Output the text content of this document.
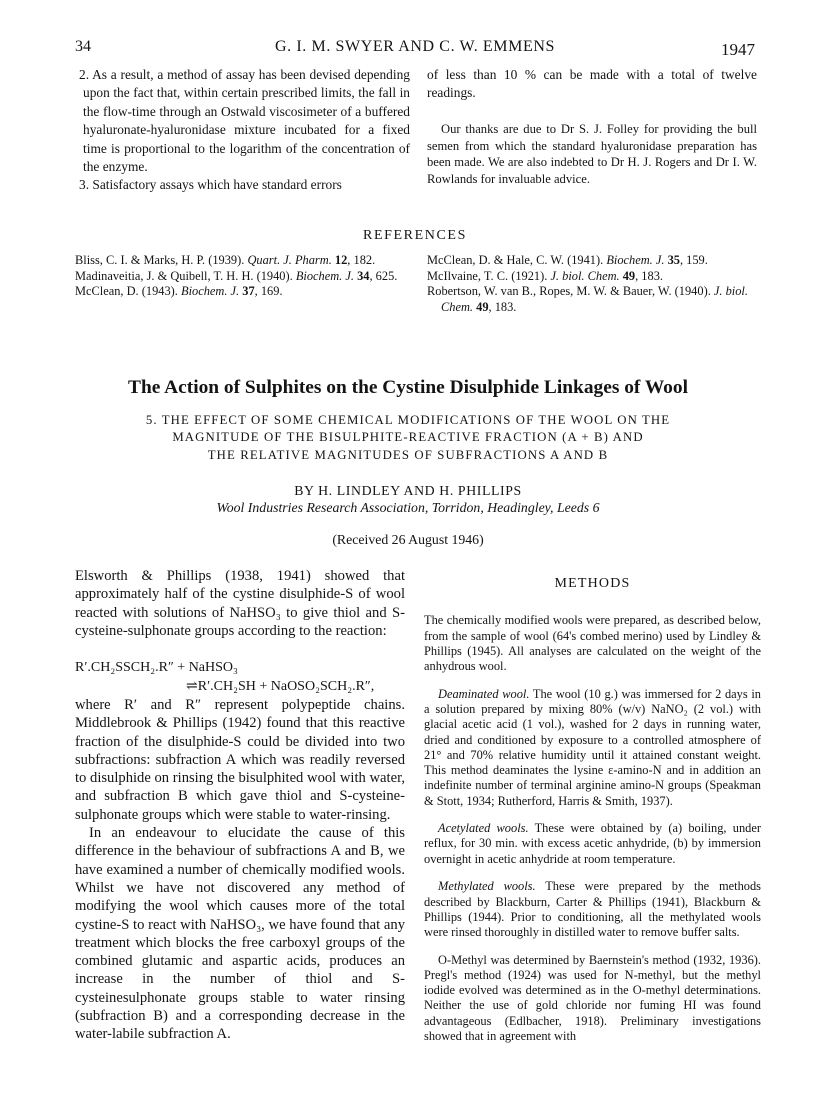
34	G. I. M. SWYER AND C. W. EMMENS	1947

2. As a result, a method of assay has been devised depending upon the fact that, within certain prescribed limits, the fall in the flow-time through an Ostwald viscosimeter of a buffered hyaluronate-hyaluronidase mixture incubated for a fixed time is proportional to the logarithm of the concentration of the enzyme.

3. Satisfactory assays which have standard errors

of less than 10 % can be made with a total of twelve readings.

Our thanks are due to Dr S. J. Folley for providing the bull semen from which the standard hyaluronidase preparation has been made. We are also indebted to Dr H. J. Rogers and Dr I. W. Rowlands for invaluable advice.

REFERENCES

Bliss, C. I. & Marks, H. P. (1939). Quart. J. Pharm. 12, 182.

Madinaveitia, J. & Quibell, T. H. H. (1940). Biochem. J. 34, 625.

McClean, D. (1943). Biochem. J. 37, 169.

McClean, D. & Hale, C. W. (1941). Biochem. J. 35, 159.

McIlvaine, T. C. (1921). J. biol. Chem. 49, 183.

Robertson, W. van B., Ropes, M. W. & Bauer, W. (1940). J. biol. Chem. 49, 183.

The Action of Sulphites on the Cystine Disulphide Linkages of Wool
5. THE EFFECT OF SOME CHEMICAL MODIFICATIONS OF THE WOOL ON THE
MAGNITUDE OF THE BISULPHITE-REACTIVE FRACTION (A + B) AND
THE RELATIVE MAGNITUDES OF SUBFRACTIONS A AND B
BY H. LINDLEY AND H. PHILLIPS
Wool Industries Research Association, Torridon, Headingley, Leeds 6
(Received 26 August 1946)

Elsworth & Phillips (1938, 1941) showed that approximately half of the cystine disulphide-S of wool reacted with solutions of NaHSO₃ to give thiol and S-cysteine-sulphonate groups according to the reaction:

R′.CH₂SSCH₂.R″ + NaHSO₃
⇌R′.CH₂SH + NaOSO₂SCH₂.R″,

where R′ and R″ represent polypeptide chains. Middlebrook & Phillips (1942) found that this reactive fraction of the disulphide-S could be divided into two subfractions: subfraction A which was readily reversed to disulphide on rinsing the bisulphited wool with water, and subfraction B which gave thiol and S-cysteine-sulphonate groups which were stable to water-rinsing.

In an endeavour to elucidate the cause of this difference in the behaviour of subfractions A and B, we have examined a number of chemically modified wools. Whilst we have not discovered any method of modifying the wool which causes more of the total cystine-S to react with NaHSO₃, we have found that any treatment which blocks the free carboxyl groups of the combined glutamic and aspartic acids, produces an increase in the number of thiol and S-cysteinesulphonate groups stable to water rinsing (subfraction B) and a corresponding decrease in the water-labile subfraction A.

METHODS

The chemically modified wools were prepared, as described below, from the sample of wool (64's combed merino) used by Lindley & Phillips (1945). All analyses are calculated on the weight of the anhydrous wool.

Deaminated wool. The wool (10 g.) was immersed for 2 days in a solution prepared by mixing 80% (w/v) NaNO₂ (2 vol.) with glacial acetic acid (1 vol.), washed for 2 days in running water, dried and conditioned by exposure to a controlled atmosphere of 21° and 70% relative humidity until it attained constant weight. This method deaminates the lysine ε-amino-N and in addition an indefinite number of terminal arginine amino-N groups (Speakman & Stott, 1934; Rutherford, Harris & Smith, 1937).

Acetylated wools. These were obtained by (a) boiling, under reflux, for 30 min. with excess acetic anhydride, (b) by immersion overnight in acetic anhydride at room temperature.

Methylated wools. These were prepared by the methods described by Blackburn, Carter & Phillips (1941), Blackburn & Phillips (1944). Prior to conditioning, all the methylated wools were rinsed thoroughly in distilled water to remove buffer salts.

O-Methyl was determined by Baernstein's method (1932, 1936). Pregl's method (1924) was used for N-methyl, but the methyl iodide evolved was determined as in the O-methyl determinations. Neither the use of gold chloride nor fuming HI was found advantageous (Edlbacher, 1918). Preliminary investigations showed that in agreement with
